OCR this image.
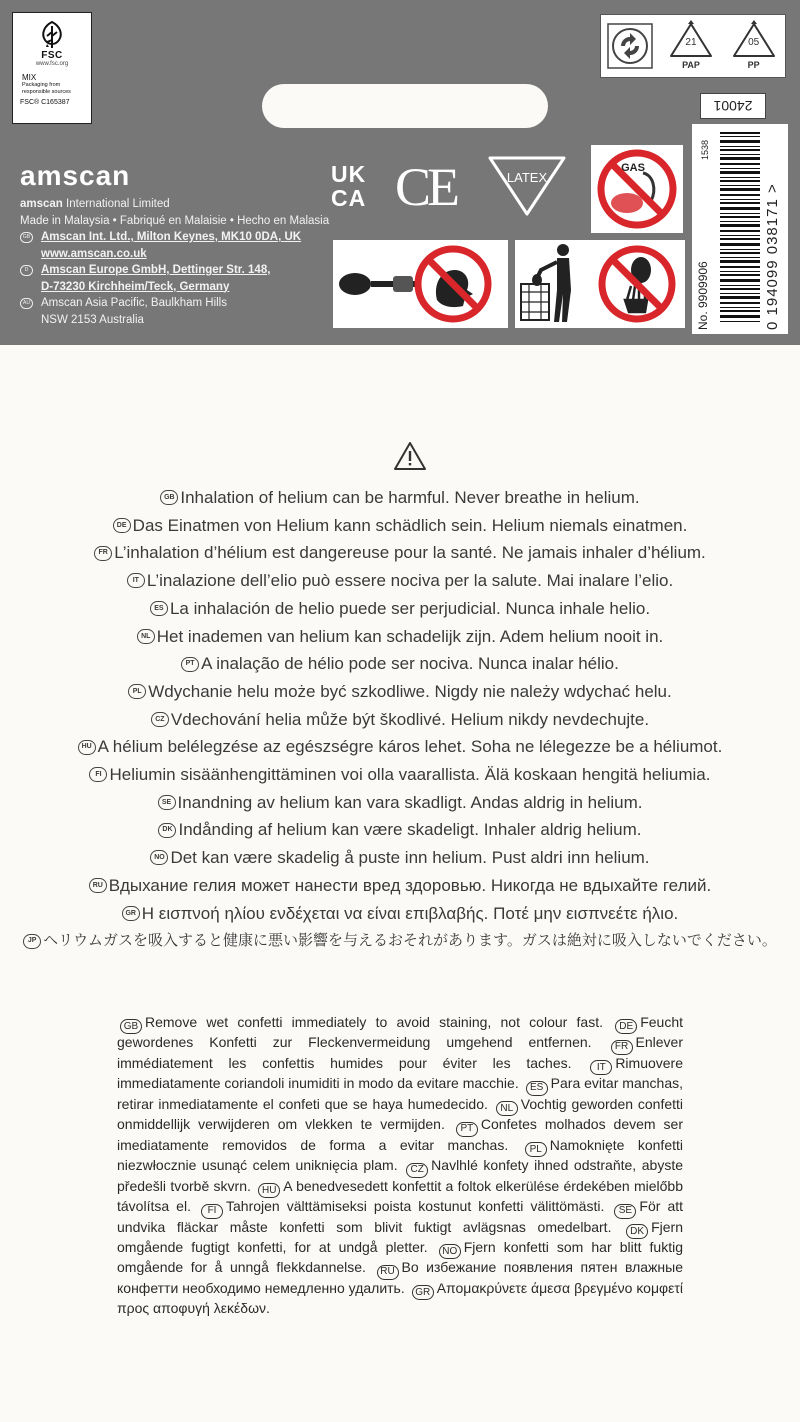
FSC
www.fsc.org
MIX
Packaging from responsible sources
FSC® C165387
amscan
amscan
International Limited
Made in Malaysia • Fabriqué en Malaisie • Hecho en Malasia
GB Amscan Int. Ltd., Milton Keynes, MK10 0DA, UK
www.amscan.co.uk
D	Amscan Europe GmbH, Dettinger Str. 148,
D-73230 Kirchheim/Teck, Germany
AU Amscan Asia Pacific, Baulkham Hills
NSW 2153 Australia
UK
CA CE	LATEX
GAS
21
PAP
05
PP
24001
No. 9909906
1538
0 194099 038171 >
GB Inhalation of helium can be harmful. Never breathe in helium.
DE Das Einatmen von Helium kann schädlich sein. Helium niemals einatmen.
FR L’inhalation d’hélium est dangereuse pour la santé. Ne jamais inhaler d’hélium.
IT L’inalazione dell’elio può essere nociva per la salute. Mai inalare l’elio.
ES La inhalación de helio puede ser perjudicial. Nunca inhale helio.
NL Het inademen van helium kan schadelijk zijn. Adem helium nooit in.
PT A inalação de hélio pode ser nociva. Nunca inalar hélio.
PL Wdychanie helu może być szkodliwe. Nigdy nie należy wdychać helu.
CZ Vdechování helia může být škodlivé. Helium nikdy nevdechujte.
HU A hélium belélegzése az egészségre káros lehet. Soha ne lélegezze be a héliumot.
FI Heliumin sisäänhengittäminen voi olla vaarallista. Älä koskaan hengitä heliumia.
SE Inandning av helium kan vara skadligt. Andas aldrig in helium.
DK Indånding af helium kan være skadeligt. Inhaler aldrig helium.
NO Det kan være skadelig å puste inn helium. Pust aldri inn helium.
RU Вдыхание гелия может нанести вред здоровью. Никогда не вдыхайте гелий.
GR Η εισπνοή ηλίου ενδέχεται να είναι επιβλαβής. Ποτέ μην εισπνεέτε ήλιο.
JP ヘリウムガスを吸入すると健康に悪い影響を与えるおそれがあります。ガスは絶対に吸入しないでください。
GB Remove wet confetti immediately to avoid staining, not colour fast. DE Feucht gewordenes Konfetti zur Fleckenvermeidung umgehend entfernen. FR Enlever immédiatement les confettis humides pour éviter les taches.	IT Rimuovere immediatamente coriandoli inumiditi in modo da evitare macchie. ES Para evitar manchas, retirar inmediatamente el confeti que se haya humedecido. NL Vochtig geworden confetti onmiddellijk verwijderen om vlekken te vermijden. PT Confetes molhados devem ser imediatamente removidos de forma a evitar manchas. PL Namoknięte konfetti niezwłocznie usunąć celem uniknięcia plam. CZ Navlhlé konfety ihned odstraňte, abyste předešli tvorbě skvrn. HU A benedvesedett konfettit a foltok elkerülése érdekében mielőbb távolítsa el. FI Tahrojen välttämiseksi poista kostunut konfetti välittömästi. SE För att undvika fläckar måste konfetti som blivit fuktigt avlägsnas omedelbart. DK Fjern omgående fugtigt konfetti, for at undgå pletter. NO Fjern konfetti som har blitt fuktig omgående for å unngå flekkdannelse. RU Во избежание появления пятен влажные конфетти необходимо немедленно удалить. GR Απομακρύνετε άμεσα βρεγμένο κομφετί προς αποφυγή λεκέδων.
